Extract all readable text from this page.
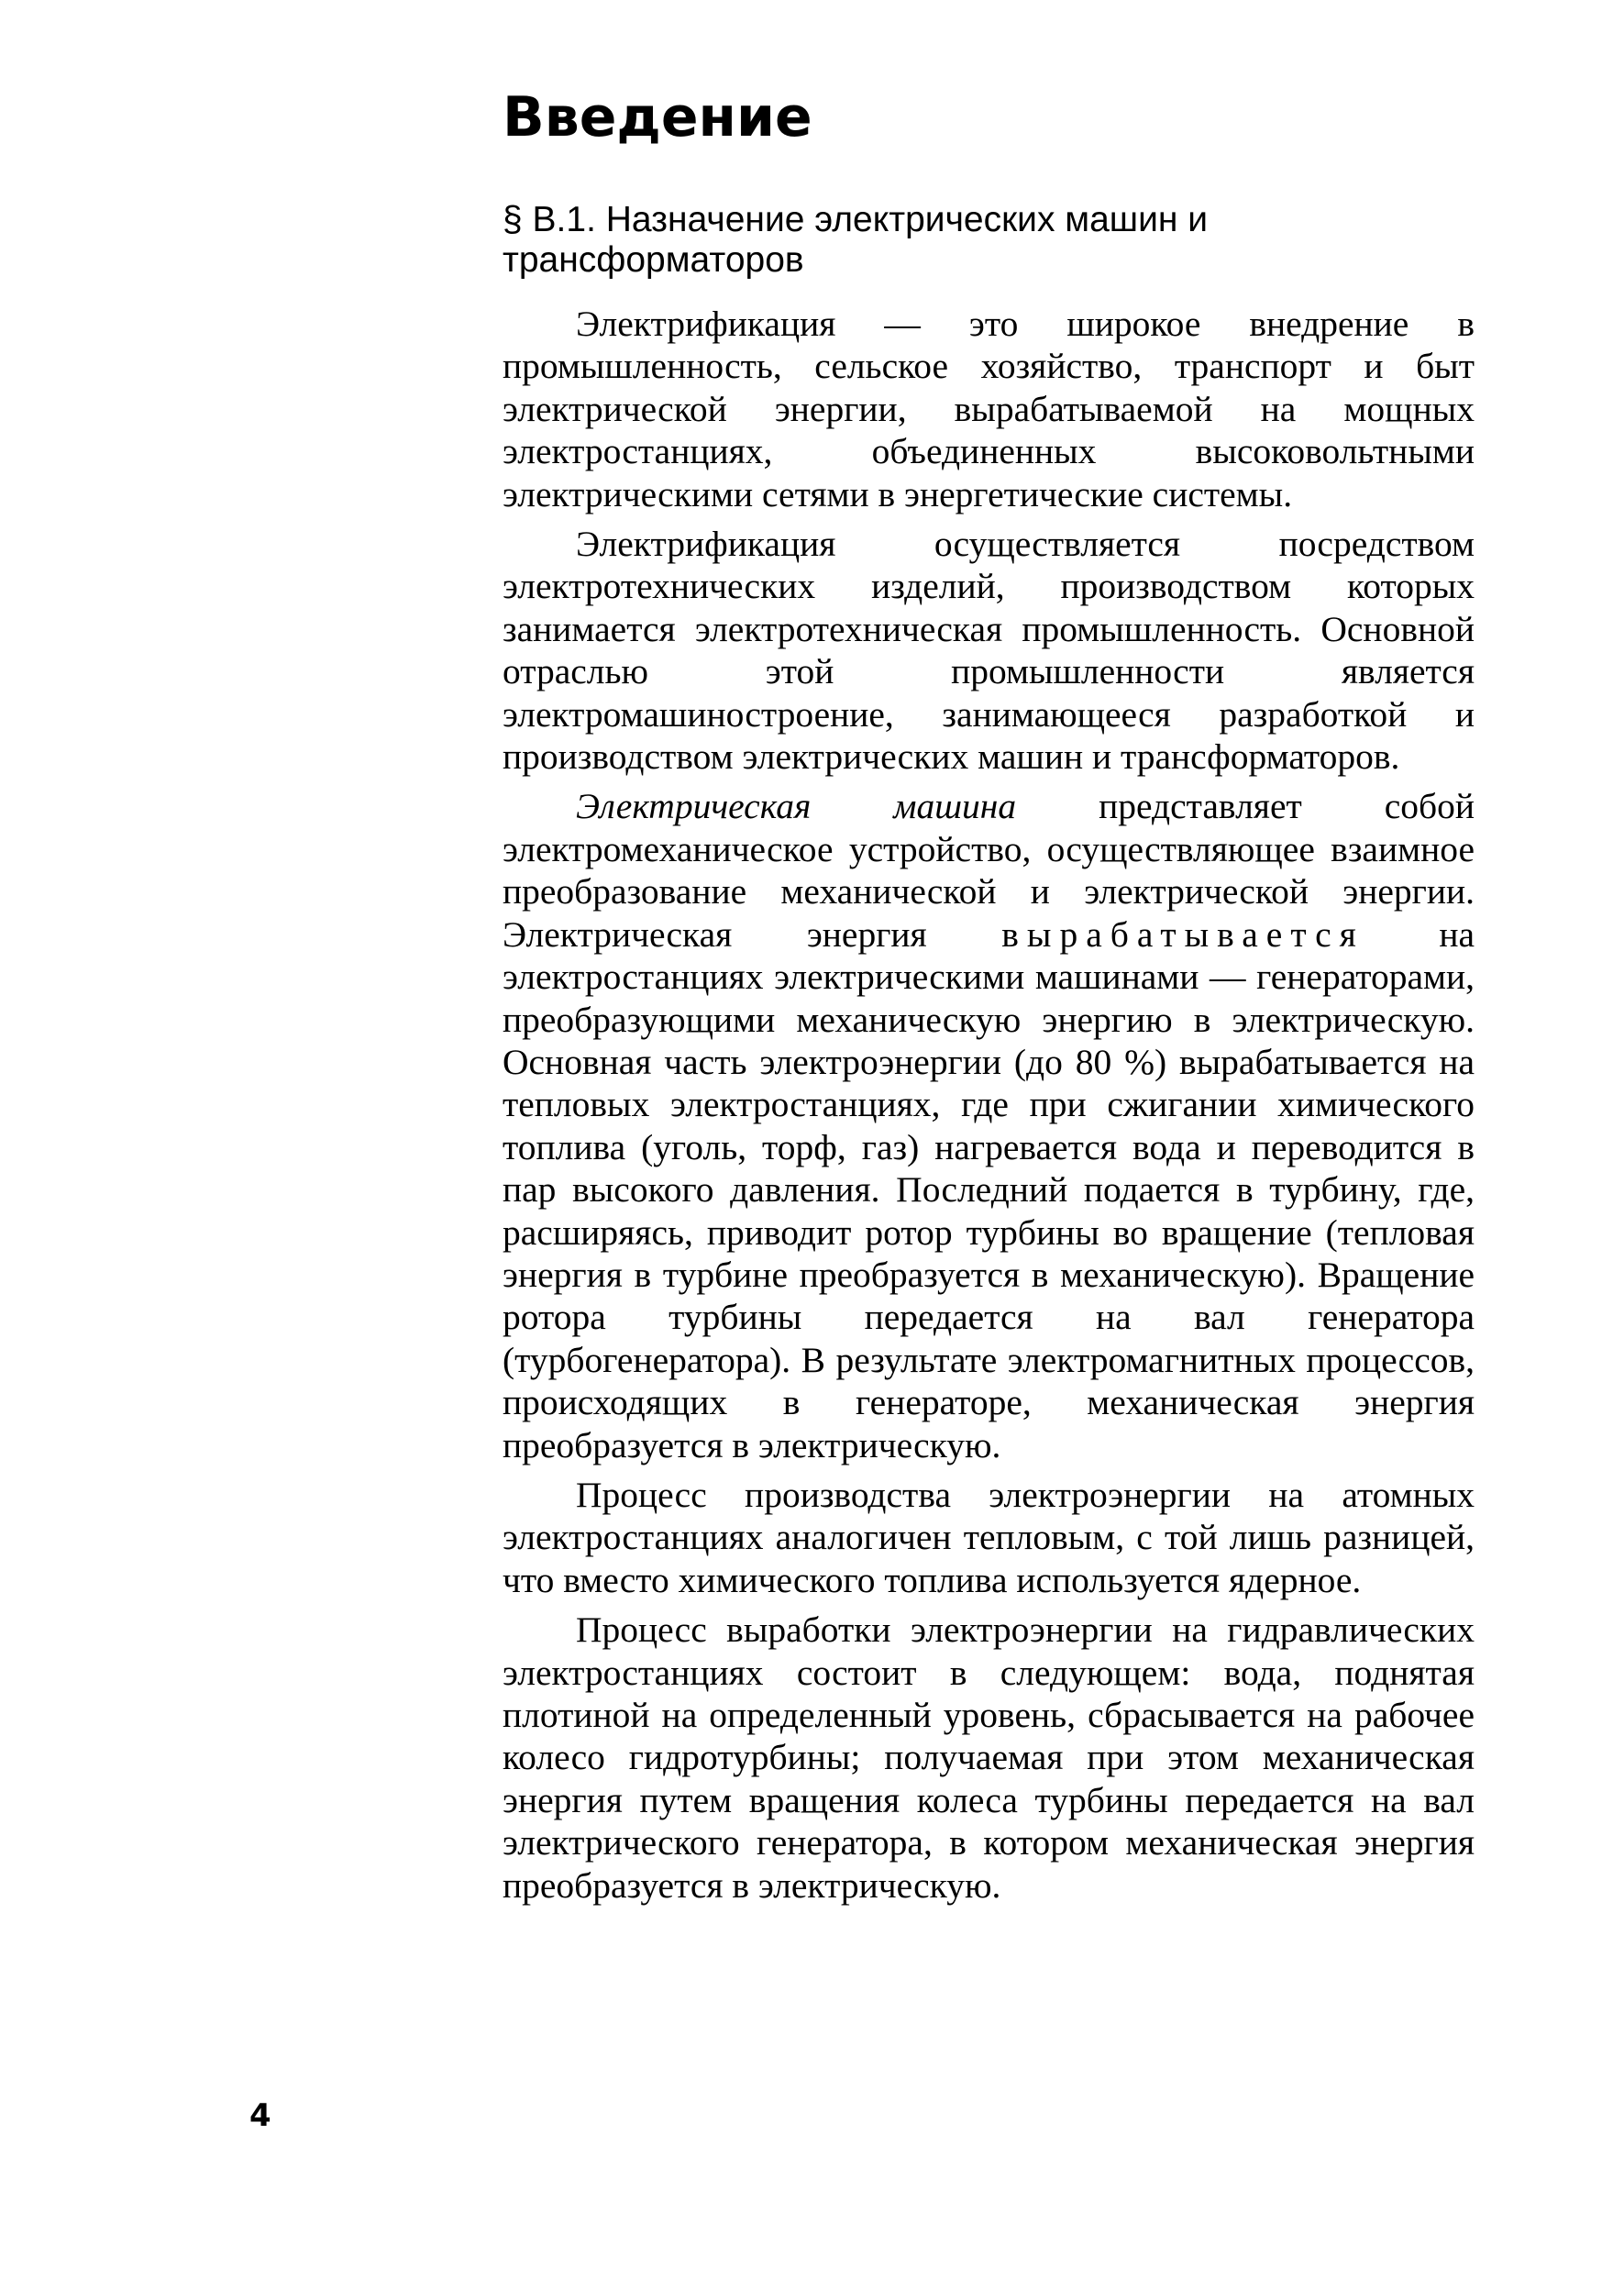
Введение
§ В.1. Назначение электрических машин и трансформаторов

Электрификация — это широкое внедрение в промышленность, сельское хозяйство, транспорт и быт электрической энергии, вырабатываемой на мощных электростанциях, объединенных высоковольтными электрическими сетями в энергетические системы.

Электрификация осуществляется посредством электротехнических изделий, производством которых занимается электротехническая промышленность. Основной отраслью этой промышленности является электромашиностроение, занимающееся разработкой и производством электрических машин и трансформаторов.

Электрическая машина представляет собой электромеханическое устройство, осуществляющее взаимное преобразование механической и электрической энергии. Электрическая энергия вырабатывается на электростанциях электрическими машинами — генераторами, преобразующими механическую энергию в электрическую. Основная часть электроэнергии (до 80 %) вырабатывается на тепловых электростанциях, где при сжигании химического топлива (уголь, торф, газ) нагревается вода и переводится в пар высокого давления. Последний подается в турбину, где, расширяясь, приводит ротор турбины во вращение (тепловая энергия в турбине преобразуется в механическую). Вращение ротора турбины передается на вал генератора (турбогенератора). В результате электромагнитных процессов, происходящих в генераторе, механическая энергия преобразуется в электрическую.

Процесс производства электроэнергии на атомных электростанциях аналогичен тепловым, с той лишь разницей, что вместо химического топлива используется ядерное.

Процесс выработки электроэнергии на гидравлических электростанциях состоит в следующем: вода, поднятая плотиной на определенный уровень, сбрасывается на рабочее колесо гидротурбины; получаемая при этом механическая энергия путем вращения колеса турбины передается на вал электрического генератора, в котором механическая энергия преобразуется в электрическую.

4
